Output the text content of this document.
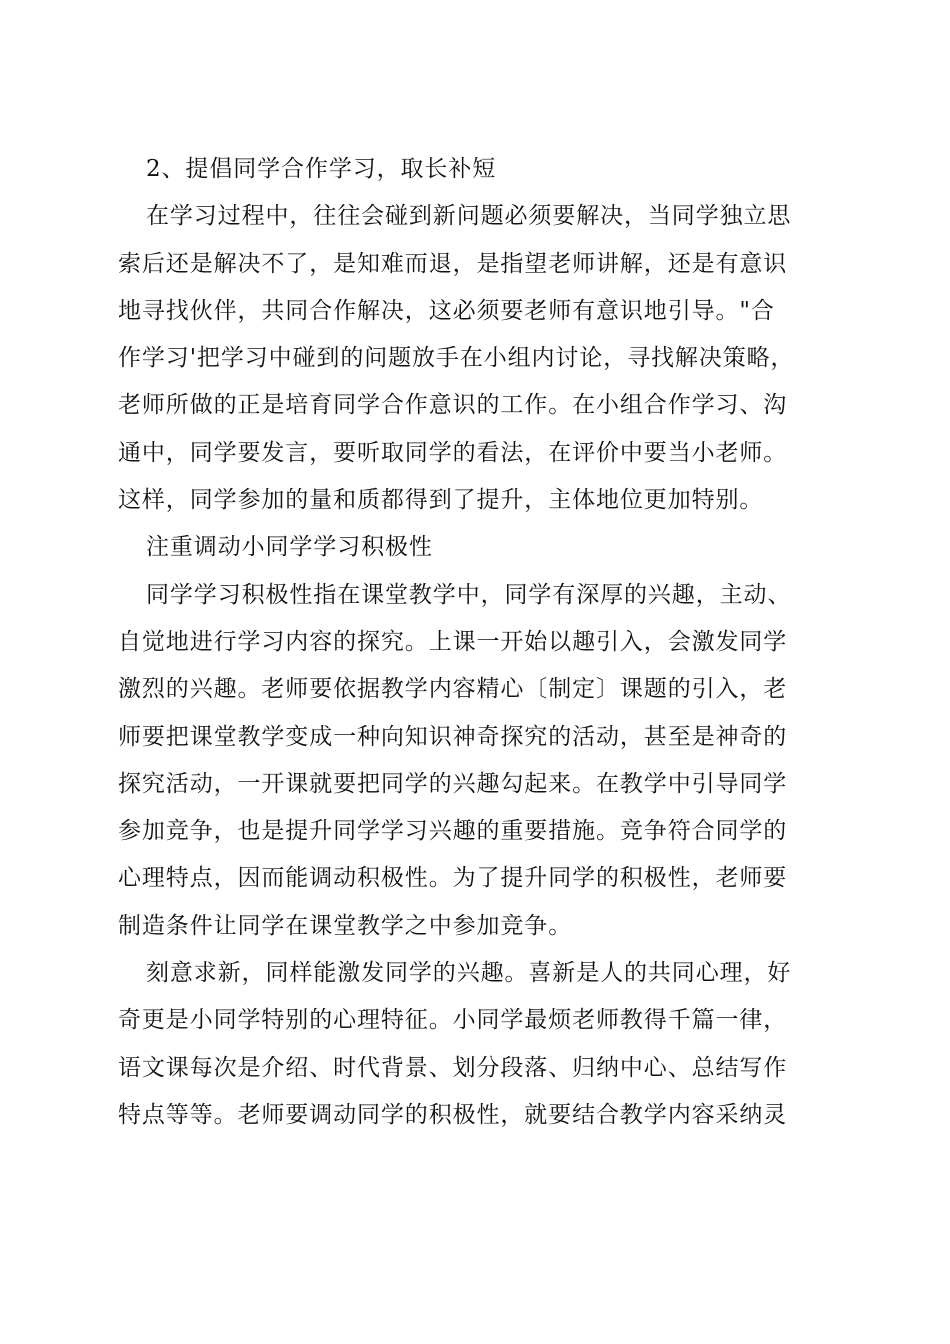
2、提倡同学合作学习，取长补短
在学习过程中，往往会碰到新问题必须要解决，当同学独立思
索后还是解决不了，是知难而退，是指望老师讲解，还是有意识
地寻找伙伴，共同合作解决，这必须要老师有意识地引导。"合
作学习'把学习中碰到的问题放手在小组内讨论，寻找解决策略，
老师所做的正是培育同学合作意识的工作。在小组合作学习、沟
通中，同学要发言，要听取同学的看法，在评价中要当小老师。
这样，同学参加的量和质都得到了提升，主体地位更加特别。
注重调动小同学学习积极性
同学学习积极性指在课堂教学中，同学有深厚的兴趣，主动、
自觉地进行学习内容的探究。上课一开始以趣引入，会激发同学
激烈的兴趣。老师要依据教学内容精心〔制定〕课题的引入，老
师要把课堂教学变成一种向知识神奇探究的活动，甚至是神奇的
探究活动，一开课就要把同学的兴趣勾起来。在教学中引导同学
参加竞争，也是提升同学学习兴趣的重要措施。竞争符合同学的
心理特点，因而能调动积极性。为了提升同学的积极性，老师要
制造条件让同学在课堂教学之中参加竞争。
刻意求新，同样能激发同学的兴趣。喜新是人的共同心理，好
奇更是小同学特别的心理特征。小同学最烦老师教得千篇一律，
语文课每次是介绍、时代背景、划分段落、归纳中心、总结写作
特点等等。老师要调动同学的积极性，就要结合教学内容采纳灵
